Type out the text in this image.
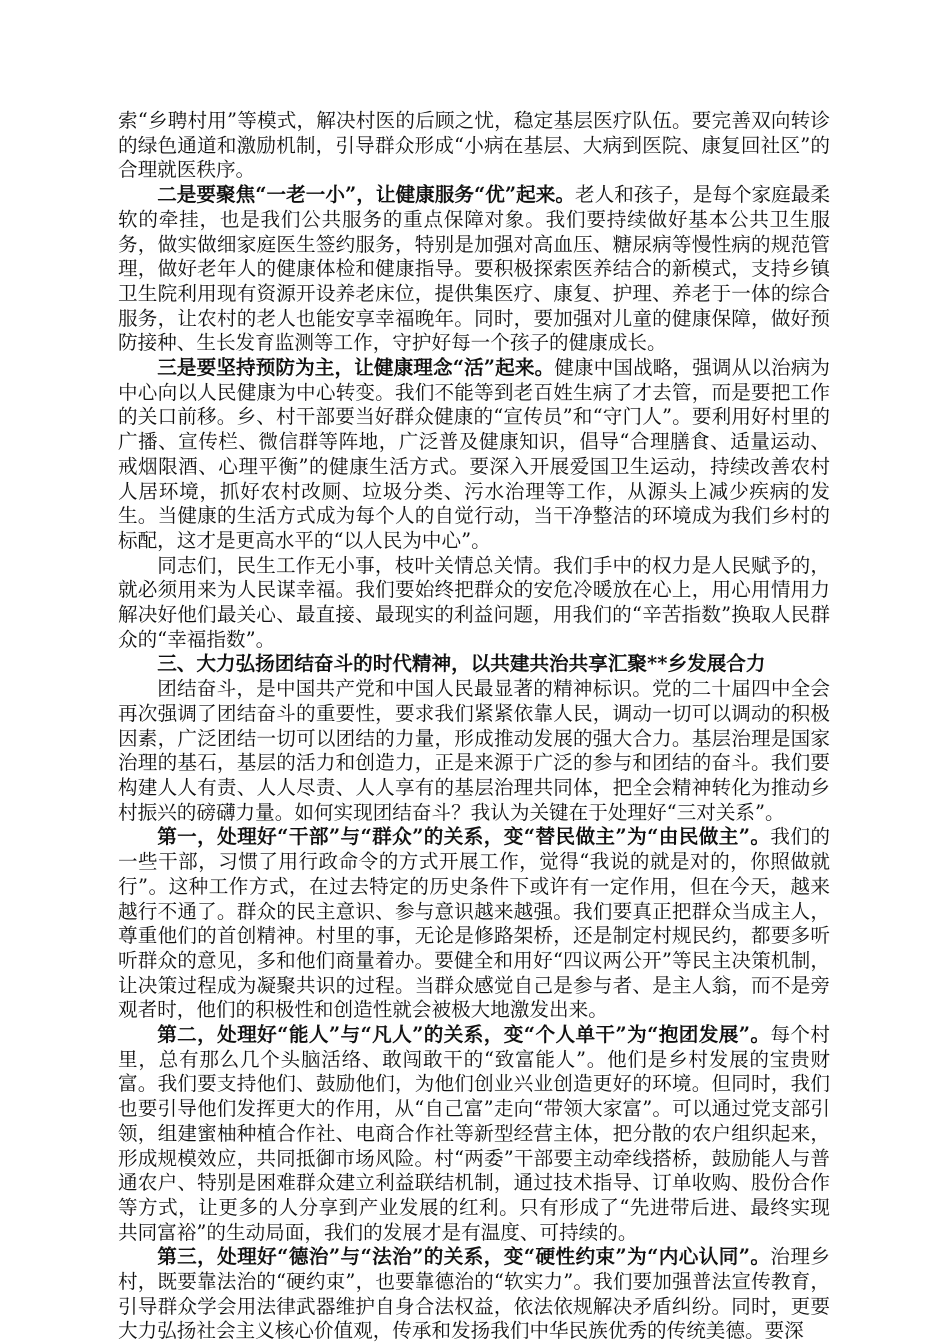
索“乡聘村用”等模式，解决村医的后顾之忧，稳定基层医疗队伍。要完善双向转诊的绿色通道和激励机制，引导群众形成“小病在基层、大病到医院、康复回社区”的合理就医秩序。

二是要聚焦“一老一小”，让健康服务“优”起来。老人和孩子，是每个家庭最柔软的牵挂，也是我们公共服务的重点保障对象。我们要持续做好基本公共卫生服务，做实做细家庭医生签约服务，特别是加强对高血压、糖尿病等慢性病的规范管理，做好老年人的健康体检和健康指导。要积极探索医养结合的新模式，支持乡镇卫生院利用现有资源开设养老床位，提供集医疗、康复、护理、养老于一体的综合服务，让农村的老人也能安享幸福晚年。同时，要加强对儿童的健康保障，做好预防接种、生长发育监测等工作，守护好每一个孩子的健康成长。

三是要坚持预防为主，让健康理念“活”起来。健康中国战略，强调从以治病为中心向以人民健康为中心转变。我们不能等到老百姓生病了才去管，而是要把工作的关口前移。乡、村干部要当好群众健康的“宣传员”和“守门人”。要利用好村里的广播、宣传栏、微信群等阵地，广泛普及健康知识，倡导“合理膳食、适量运动、戒烟限酒、心理平衡”的健康生活方式。要深入开展爱国卫生运动，持续改善农村人居环境，抓好农村改厕、垃圾分类、污水治理等工作，从源头上减少疾病的发生。当健康的生活方式成为每个人的自觉行动，当干净整洁的环境成为我们乡村的标配，这才是更高水平的“以人民为中心”。

同志们，民生工作无小事，枝叶关情总关情。我们手中的权力是人民赋予的，就必须用来为人民谋幸福。我们要始终把群众的安危冷暖放在心上，用心用情用力解决好他们最关心、最直接、最现实的利益问题，用我们的“辛苦指数”换取人民群众的“幸福指数”。

三、大力弘扬团结奋斗的时代精神，以共建共治共享汇聚**乡发展合力

团结奋斗，是中国共产党和中国人民最显著的精神标识。党的二十届四中全会再次强调了团结奋斗的重要性，要求我们紧紧依靠人民，调动一切可以调动的积极因素，广泛团结一切可以团结的力量，形成推动发展的强大合力。基层治理是国家治理的基石，基层的活力和创造力，正是来源于广泛的参与和团结的奋斗。我们要构建人人有责、人人尽责、人人享有的基层治理共同体，把全会精神转化为推动乡村振兴的磅礴力量。如何实现团结奋斗？我认为关键在于处理好“三对关系”。

第一，处理好“干部”与“群众”的关系，变“替民做主”为“由民做主”。我们的一些干部，习惯了用行政命令的方式开展工作，觉得“我说的就是对的，你照做就行”。这种工作方式，在过去特定的历史条件下或许有一定作用，但在今天，越来越行不通了。群众的民主意识、参与意识越来越强。我们要真正把群众当成主人，尊重他们的首创精神。村里的事，无论是修路架桥，还是制定村规民约，都要多听听群众的意见，多和他们商量着办。要健全和用好“四议两公开”等民主决策机制，让决策过程成为凝聚共识的过程。当群众感觉自己是参与者、是主人翁，而不是旁观者时，他们的积极性和创造性就会被极大地激发出来。

第二，处理好“能人”与“凡人”的关系，变“个人单干”为“抱团发展”。每个村里，总有那么几个头脑活络、敢闯敢干的“致富能人”。他们是乡村发展的宝贵财富。我们要支持他们、鼓励他们，为他们创业兴业创造更好的环境。但同时，我们也要引导他们发挥更大的作用，从“自己富”走向“带领大家富”。可以通过党支部引领，组建蜜柚种植合作社、电商合作社等新型经营主体，把分散的农户组织起来，形成规模效应，共同抵御市场风险。村“两委”干部要主动牵线搭桥，鼓励能人与普通农户、特别是困难群众建立利益联结机制，通过技术指导、订单收购、股份合作等方式，让更多的人分享到产业发展的红利。只有形成了“先进带后进、最终实现共同富裕”的生动局面，我们的发展才是有温度、可持续的。

第三，处理好“德治”与“法治”的关系，变“硬性约束”为“内心认同”。治理乡村，既要靠法治的“硬约束”，也要靠德治的“软实力”。我们要加强普法宣传教育，引导群众学会用法律武器维护自身合法权益，依法依规解决矛盾纠纷。同时，更要大力弘扬社会主义核心价值观，传承和发扬我们中华民族优秀的传统美德。要深
